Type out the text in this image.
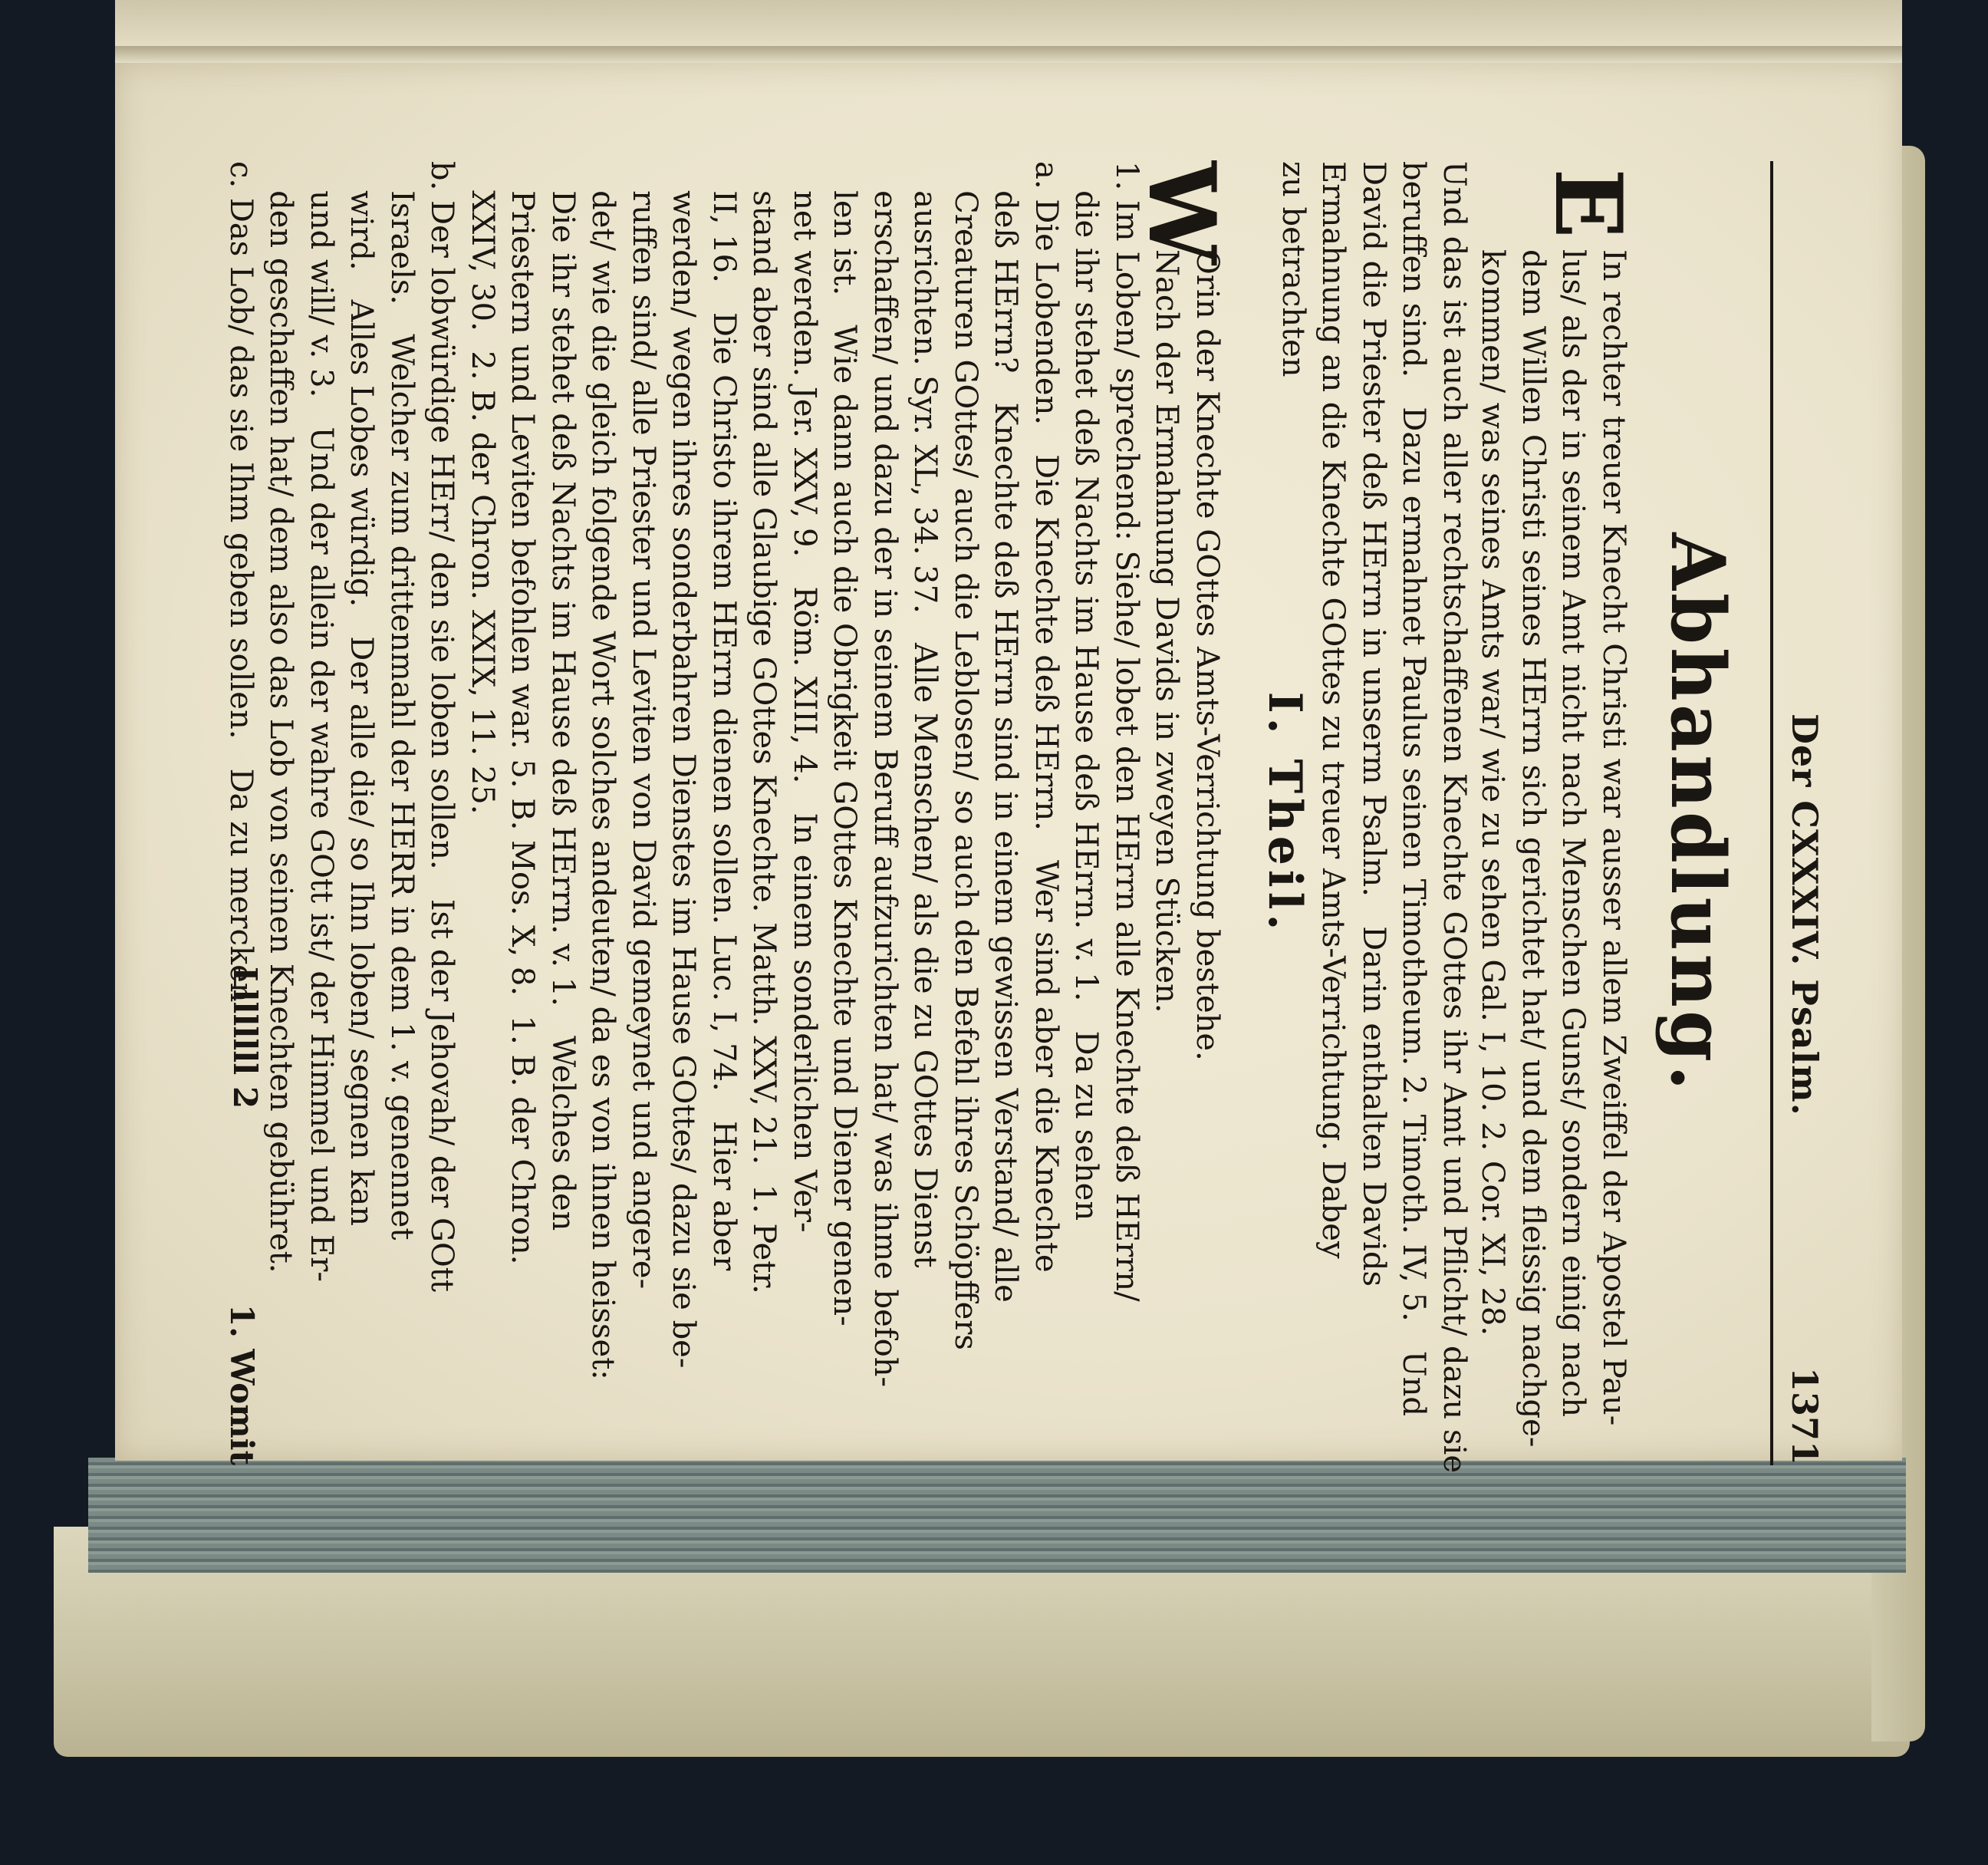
Der CXXXIV. Psalm.
1371
Abhandlung.
E

In rechter treuer Knecht Christi war ausser allem Zweiffel der Apostel Pau-
lus/ als der in seinem Amt nicht nach Menschen Gunst/ sondern einig nach
dem Willen Christi seines HErrn sich gerichtet hat/ und dem fleissig nachge-
kommen/ was seines Amts war/ wie zu sehen Gal. I, 10. 2. Cor. XI, 28.

Und das ist auch aller rechtschaffenen Knechte GOttes ihr Amt und Pflicht/ dazu sie
beruffen sind.   Dazu ermahnet Paulus seinen Timotheum. 2. Timoth. IV, 5.   Und
David die Priester deß HErrn in unserm Psalm.   Darin enthalten Davids
Ermahnung an die Knechte GOttes zu treuer Amts-Verrichtung. Dabey
zu betrachten

I. Theil.
W

Orin der Knechte GOttes Amts-Verrichtung bestehe.
Nach der Ermahnung Davids in zweyen Stücken.

1. Im Loben/ sprechend: Siehe/ lobet den HErrn alle Knechte deß HErrn/
die ihr stehet deß Nachts im Hause deß HErrn. v. 1.   Da zu sehen
a. Die Lobenden.   Die Knechte deß HErrn.   Wer sind aber die Knechte
deß HErrn?   Knechte deß HErrn sind in einem gewissen Verstand/ alle
Creaturen GOttes/ auch die Leblosen/ so auch den Befehl ihres Schöpffers
ausrichten. Syr. XL, 34. 37.   Alle Menschen/ als die zu GOttes Dienst
erschaffen/ und dazu der in seinem Beruff aufzurichten hat/ was ihme befoh-
len ist.   Wie dann auch die Obrigkeit GOttes Knechte und Diener genen-
net werden. Jer. XXV, 9.   Röm. XIII, 4.   In einem sonderlichen Ver-
stand aber sind alle Glaubige GOttes Knechte. Matth. XXV, 21.  1. Petr.
II, 16.   Die Christo ihrem HErrn dienen sollen. Luc. I, 74.   Hier aber
werden/ wegen ihres sonderbahren Dienstes im Hause GOttes/ dazu sie be-
ruffen sind/ alle Priester und Leviten von David gemeynet und angere-
det/ wie die gleich folgende Wort solches andeuten/ da es von ihnen heisset:
Die ihr stehet deß Nachts im Hause deß HErrn. v. 1.   Welches den
Priestern und Leviten befohlen war. 5. B. Mos. X, 8.  1. B. der Chron.
XXIV, 30.  2. B. der Chron. XXIX, 11. 25.
b. Der lobwürdige HErr/ den sie loben sollen.   Ist der Jehovah/ der GOtt
Israels.   Welcher zum drittenmahl der HERR in dem 1. v. genennet
wird.   Alles Lobes würdig.   Der alle die/ so Ihn loben/ segnen kan
und will/ v. 3.   Und der allein der wahre GOtt ist/ der Himmel und Er-
den geschaffen hat/ dem also das Lob von seinen Knechten gebühret.
c. Das Lob/ das sie Ihm geben sollen.   Da zu mercken

Llllllll 2
1. Womit
